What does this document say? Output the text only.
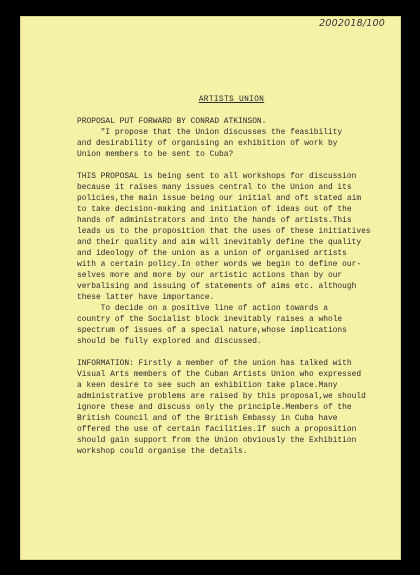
2002018/100
ARTISTS UNION
PROPOSAL PUT FORWARD BY CONRAD ATKINSON.
"I propose that the Union discusses the feasibility
and desirability of organising an exhibition of work by
Union members to be sent to Cuba?
THIS PROPOSAL is being sent to all workshops for discussion
because it raises many issues central to the Union and its
policies,the main issue being our initial and oft stated aim
to take decision-making and initiation of ideas out of the
hands of administrators and into the hands of artists.This
leads us to the proposition that the uses of these initiatives
and their quality and aim will inevitably define the quality
and ideology of the union as a union of organised artists
with a certain policy.In other words we begin to define our-
selves more and more by our artistic actions than by our
verbalising and issuing of statements of aims etc. although
these latter have importance.
To decide on a positive line of action towards a
country of the Socialist block inevitably raises a whole
spectrum of issues of a special nature,whose implications
should be fully explored and discussed.
INFORMATION: Firstly a member of the union has talked with
Visual Arts members of the Cuban Artists Union who expressed
a keen desire to see such an exhibition take place.Many
administrative problems are raised by this proposal,we should
ignore these and discuss only the principle.Members of the
British Council and of the British Embassy in Cuba have
offered the use of certain facilities.If such a proposition
should gain support from the Union obviously the Exhibition
workshop could organise the details.
